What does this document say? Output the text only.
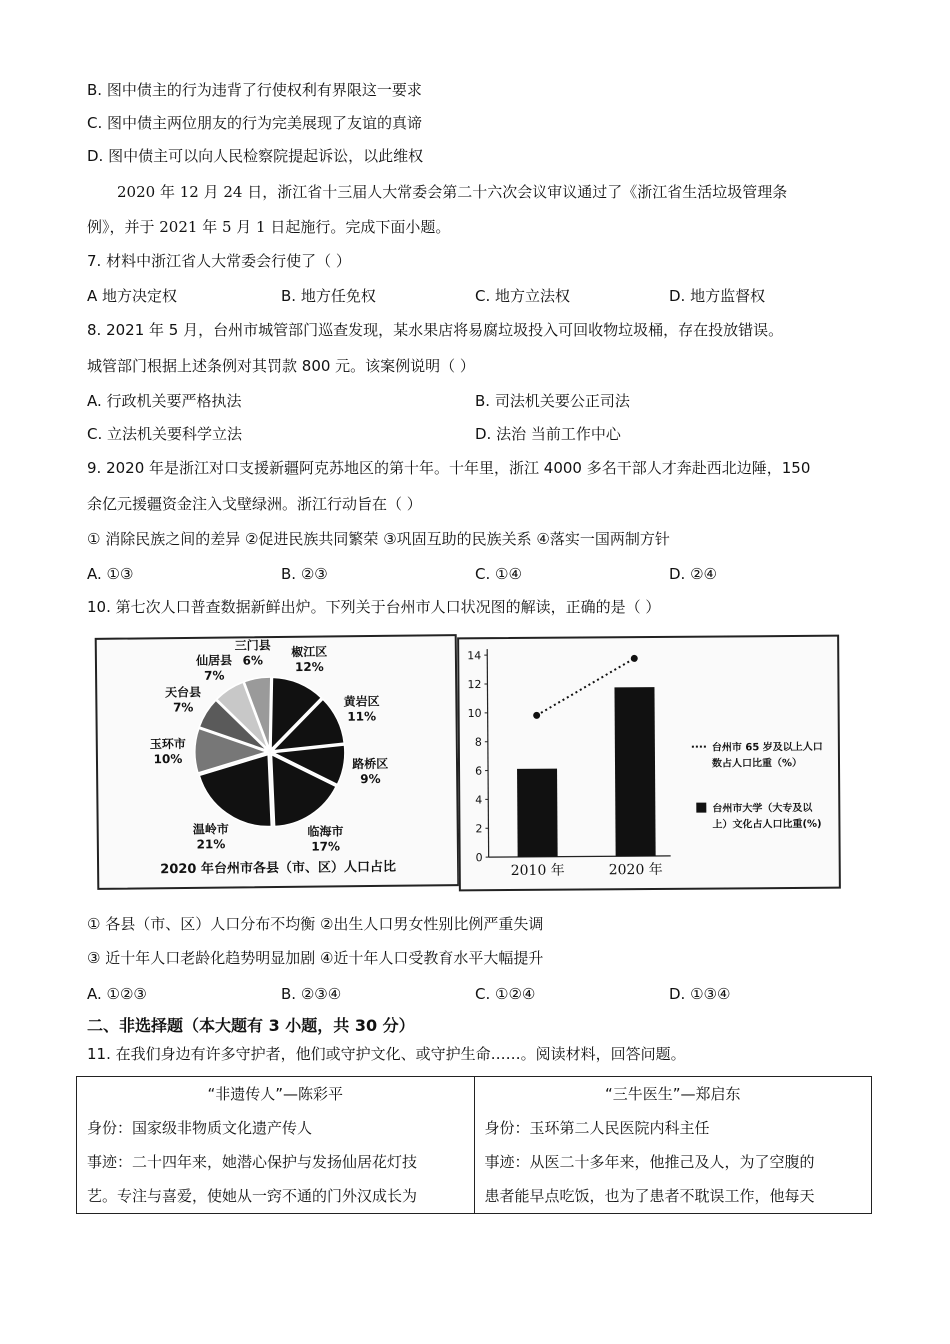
B. 图中债主的行为违背了行使权利有界限这一要求
C. 图中债主两位朋友的行为完美展现了友谊的真谛
D. 图中债主可以向人民检察院提起诉讼，以此维权
2020 年 12 月 24 日，浙江省十三届人大常委会第二十六次会议审议通过了《浙江省生活垃圾管理条
例》，并于 2021 年 5 月 1 日起施行。完成下面小题。
7. 材料中浙江省人大常委会行使了（ ）
A 地方决定权	B. 地方任免权	C. 地方立法权	D. 地方监督权
8. 2021 年 5 月，台州市城管部门巡查发现，某水果店将易腐垃圾投入可回收物垃圾桶，存在投放错误。
城管部门根据上述条例对其罚款 800 元。该案例说明（ ）
A. 行政机关要严格执法	B. 司法机关要公正司法
C. 立法机关要科学立法	D. 法治 当前工作中心
9. 2020 年是浙江对口支援新疆阿克苏地区的第十年。十年里，浙江 4000 多名干部人才奔赴西北边陲，150
余亿元援疆资金注入戈壁绿洲。浙江行动旨在（ ）
① 消除民族之间的差异 ②促进民族共同繁荣 ③巩固互助的民族关系 ④落实一国两制方针
A. ①③	B. ②③	C. ①④	D. ②④
10. 第七次人口普查数据新鲜出炉。下列关于台州市人口状况图的解读，正确的是（ ）
椒江区
12%
黄岩区
11%
路桥区
9%
临海市
17%
温岭市
21%
玉环市
10%
天台县
7%
仙居县
7%
三门县
6%
2020 年台州市各县（市、区）人口占比
0
2
4
6
8
10
12
14
2010 年	2020 年
台州市 65 岁及以上人口
数占人口比重（%）
台州市大学（大专及以
上）文化占人口比重(%)
① 各县（市、区）人口分布不均衡 ②出生人口男女性别比例严重失调
③ 近十年人口老龄化趋势明显加剧 ④近十年人口受教育水平大幅提升
A. ①②③	B. ②③④	C. ①②④	D. ①③④
二、非选择题（本大题有 3 小题，共 30 分）
11. 在我们身边有许多守护者，他们或守护文化、或守护生命……。阅读材料，回答问题。
“非遗传人”—陈彩平
身份：国家级非物质文化遗产传人
事迹：二十四年来，她潜心保护与发扬仙居花灯技
艺。专注与喜爱，使她从一窍不通的门外汉成长为

“三牛医生”—郑启东
身份：玉环第二人民医院内科主任
事迹：从医二十多年来，他推己及人，为了空腹的
患者能早点吃饭，也为了患者不耽误工作，他每天
